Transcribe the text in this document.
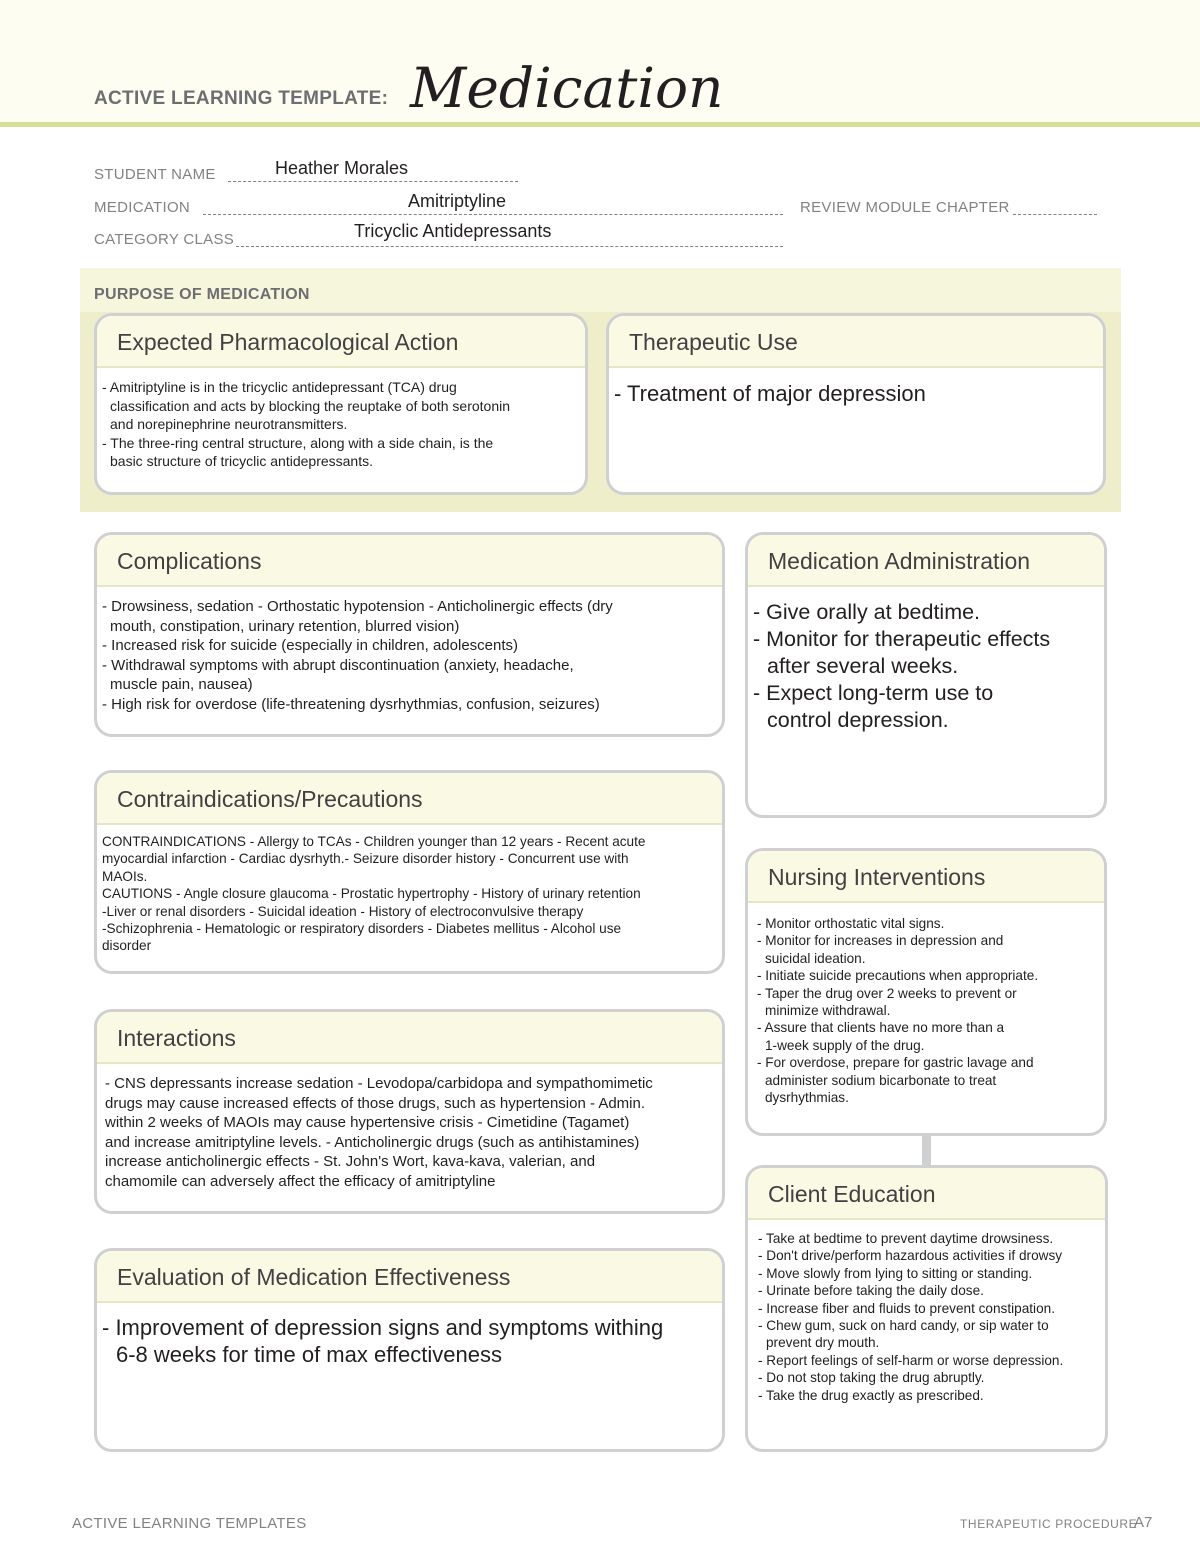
ACTIVE LEARNING TEMPLATE: Medication
STUDENT NAME	Heather Morales
MEDICATION	Amitriptyline	REVIEW MODULE CHAPTER
CATEGORY CLASS	Tricyclic Antidepressants
PURPOSE OF MEDICATION
Expected Pharmacological Action
- Amitriptyline is in the tricyclic antidepressant (TCA) drug
classification and acts by blocking the reuptake of both serotonin
and norepinephrine neurotransmitters.
- The three-ring central structure, along with a side chain, is the
basic structure of tricyclic antidepressants.
Therapeutic Use
- Treatment of major depression
Complications
- Drowsiness, sedation - Orthostatic hypotension - Anticholinergic effects (dry
mouth, constipation, urinary retention, blurred vision)
- Increased risk for suicide (especially in children, adolescents)
- Withdrawal symptoms with abrupt discontinuation (anxiety, headache,
muscle pain, nausea)
- High risk for overdose (life-threatening dysrhythmias, confusion, seizures)
Medication Administration
- Give orally at bedtime.
- Monitor for therapeutic effects
after several weeks.
- Expect long-term use to
control depression.
Contraindications/Precautions
CONTRAINDICATIONS - Allergy to TCAs - Children younger than 12 years - Recent acute
myocardial infarction - Cardiac dysrhyth.- Seizure disorder history - Concurrent use with
MAOIs.
CAUTIONS - Angle closure glaucoma - Prostatic hypertrophy - History of urinary retention
-Liver or renal disorders - Suicidal ideation - History of electroconvulsive therapy
-Schizophrenia - Hematologic or respiratory disorders - Diabetes mellitus - Alcohol use
disorder
Nursing Interventions
- Monitor orthostatic vital signs.
- Monitor for increases in depression and
suicidal ideation.
- Initiate suicide precautions when appropriate.
- Taper the drug over 2 weeks to prevent or
minimize withdrawal.
- Assure that clients have no more than a
1-week supply of the drug.
- For overdose, prepare for gastric lavage and
administer sodium bicarbonate to treat
dysrhythmias.
Interactions
- CNS depressants increase sedation - Levodopa/carbidopa and sympathomimetic
drugs may cause increased effects of those drugs, such as hypertension - Admin.
within 2 weeks of MAOIs may cause hypertensive crisis - Cimetidine (Tagamet)
and increase amitriptyline levels. - Anticholinergic drugs (such as antihistamines)
increase anticholinergic effects - St. John's Wort, kava-kava, valerian, and
chamomile can adversely affect the efficacy of amitriptyline	Client Education
- Take at bedtime to prevent daytime drowsiness.
- Don't drive/perform hazardous activities if drowsy
- Move slowly from lying to sitting or standing.
- Urinate before taking the daily dose.
- Increase fiber and fluids to prevent constipation.
- Chew gum, suck on hard candy, or sip water to
prevent dry mouth.
- Report feelings of self-harm or worse depression.
- Do not stop taking the drug abruptly.
- Take the drug exactly as prescribed.
Evaluation of Medication Effectiveness
- Improvement of depression signs and symptoms withing
6-8 weeks for time of max effectiveness
ACTIVE LEARNING TEMPLATES	THERAPEUTIC PROCEDURE
A7
